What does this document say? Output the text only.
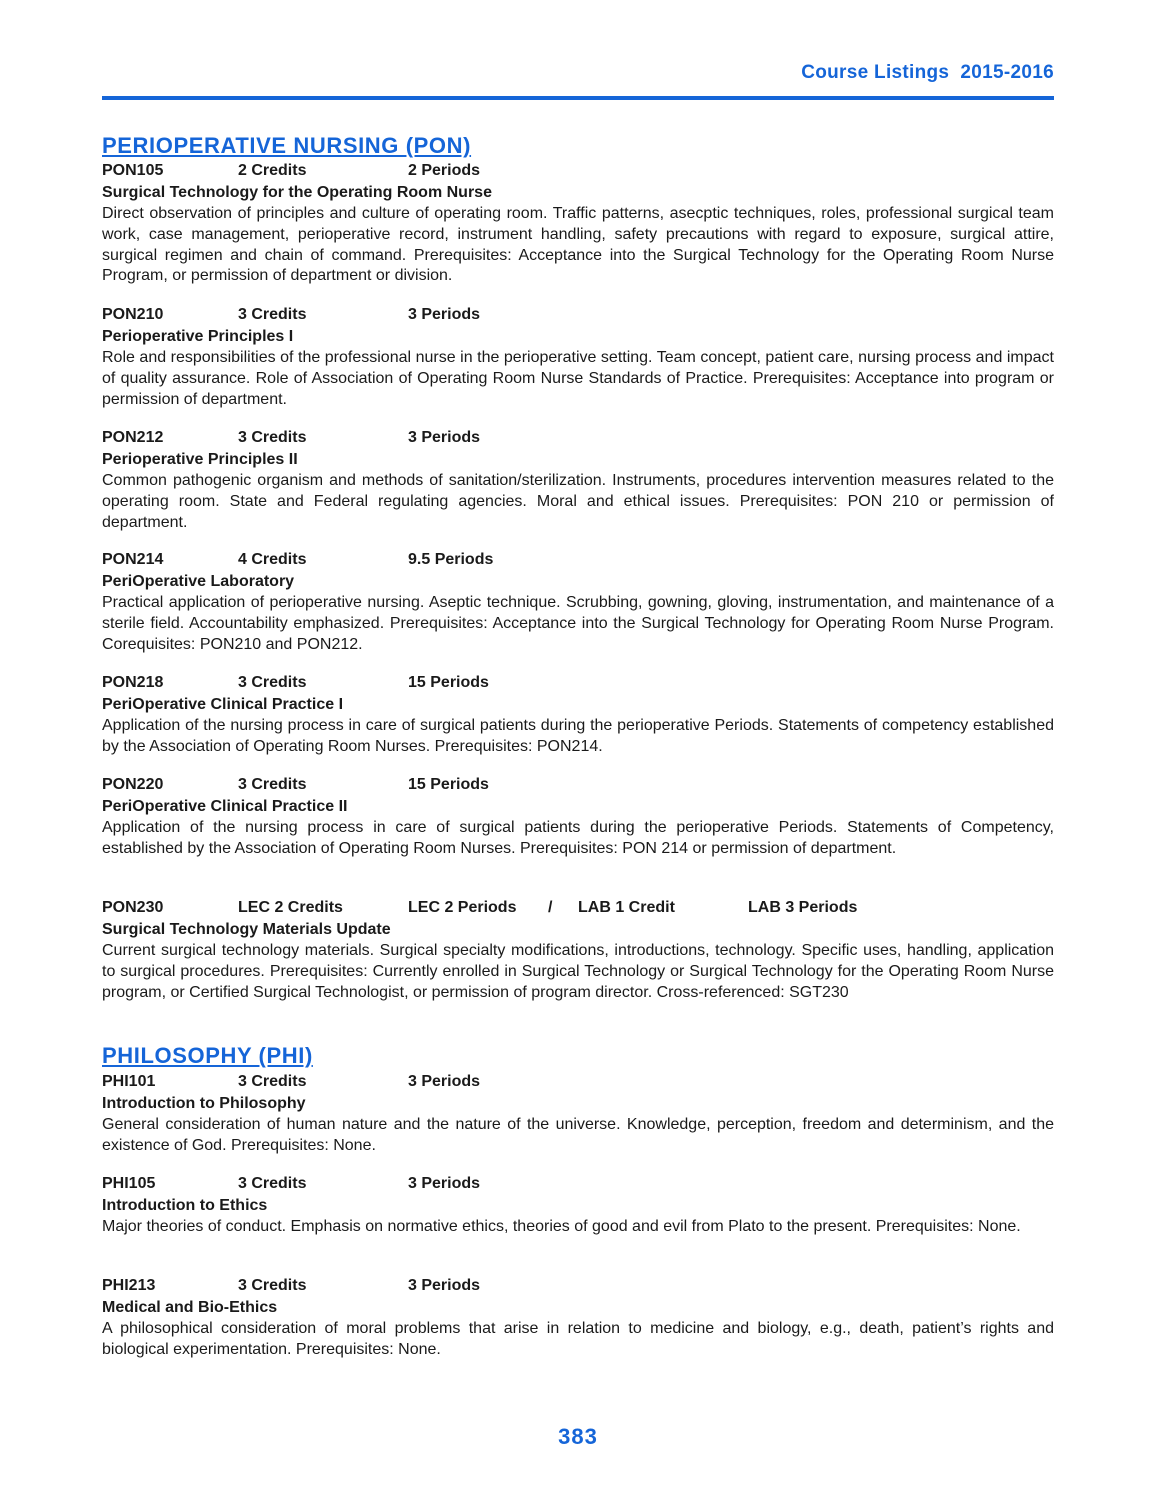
Course Listings  2015-2016
PERIOPERATIVE NURSING (PON)
PON105	2 Credits	2 Periods
Surgical Technology for the Operating Room Nurse
Direct observation of principles and culture of operating room. Traffic patterns, asecptic techniques, roles, professional surgical team work, case management, perioperative record, instrument handling, safety precautions with regard to exposure, surgical attire, surgical regimen and chain of command. Prerequisites: Acceptance into the Surgical Technology for the Operating Room Nurse Program, or permission of department or division.
PON210	3 Credits	3 Periods
Perioperative Principles I
Role and responsibilities of the professional nurse in the perioperative setting. Team concept, patient care, nursing process and impact of quality assurance. Role of Association of Operating Room Nurse Standards of Practice. Prerequisites: Acceptance into program or permission of department.
PON212	3 Credits	3 Periods
Perioperative Principles II
Common pathogenic organism and methods of sanitation/sterilization. Instruments, procedures intervention measures related to the operating room. State and Federal regulating agencies. Moral and ethical issues. Prerequisites: PON 210 or permission of department.
PON214	4 Credits	9.5 Periods
PeriOperative Laboratory
Practical application of perioperative nursing. Aseptic technique. Scrubbing, gowning, gloving, instrumentation, and maintenance of a sterile field. Accountability emphasized. Prerequisites: Acceptance into the Surgical Technology for Operating Room Nurse Program. Corequisites: PON210 and PON212.
PON218	3 Credits	15 Periods
PeriOperative Clinical Practice I
Application of the nursing process in care of surgical patients during the perioperative Periods. Statements of competency established by the Association of Operating Room Nurses. Prerequisites: PON214.
PON220	3 Credits	15 Periods
PeriOperative Clinical Practice II
Application of the nursing process in care of surgical patients during the perioperative Periods. Statements of Competency, established by the Association of Operating Room Nurses. Prerequisites: PON 214 or permission of department.
PON230	LEC 2 Credits	LEC 2 Periods	/	LAB 1 Credit	LAB 3 Periods
Surgical Technology Materials Update
Current surgical technology materials. Surgical specialty modifications, introductions, technology. Specific uses, handling, application to surgical procedures. Prerequisites: Currently enrolled in Surgical Technology or Surgical Technology for the Operating Room Nurse program, or Certified Surgical Technologist, or permission of program director. Cross-referenced: SGT230
PHILOSOPHY (PHI)
PHI101	3 Credits	3 Periods
Introduction to Philosophy
General consideration of human nature and the nature of the universe. Knowledge, perception, freedom and determinism, and the existence of God. Prerequisites: None.
PHI105	3 Credits	3 Periods
Introduction to Ethics
Major theories of conduct. Emphasis on normative ethics, theories of good and evil from Plato to the present. Prerequisites: None.
PHI213	3 Credits	3 Periods
Medical and Bio-Ethics
A philosophical consideration of moral problems that arise in relation to medicine and biology, e.g., death, patient’s rights and biological experimentation. Prerequisites: None.
383
